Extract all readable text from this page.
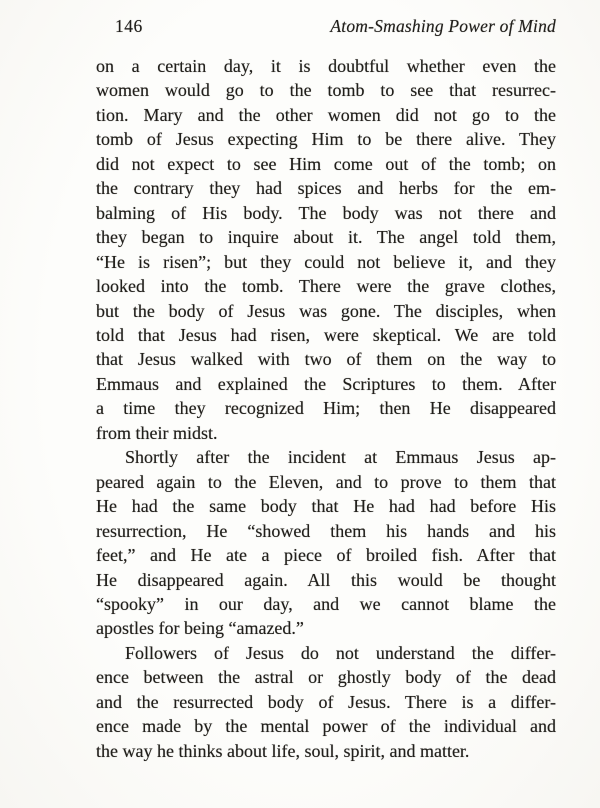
146	Atom-Smashing Power of Mind
on a certain day, it is doubtful whether even the
women would go to the tomb to see that resurrec-
tion. Mary and the other women did not go to the
tomb of Jesus expecting Him to be there alive. They
did not expect to see Him come out of the tomb; on
the contrary they had spices and herbs for the em-
balming of His body. The body was not there and
they began to inquire about it. The angel told them,
“He is risen”; but they could not believe it, and they
looked into the tomb. There were the grave clothes,
but the body of Jesus was gone. The disciples, when
told that Jesus had risen, were skeptical. We are told
that Jesus walked with two of them on the way to
Emmaus and explained the Scriptures to them. After
a time they recognized Him; then He disappeared
from their midst.
Shortly after the incident at Emmaus Jesus ap-
peared again to the Eleven, and to prove to them that
He had the same body that He had had before His
resurrection, He “showed them his hands and his
feet,” and He ate a piece of broiled fish. After that
He disappeared again. All this would be thought
“spooky” in our day, and we cannot blame the
apostles for being “amazed.”
Followers of Jesus do not understand the differ-
ence between the astral or ghostly body of the dead
and the resurrected body of Jesus. There is a differ-
ence made by the mental power of the individual and
the way he thinks about life, soul, spirit, and matter.
